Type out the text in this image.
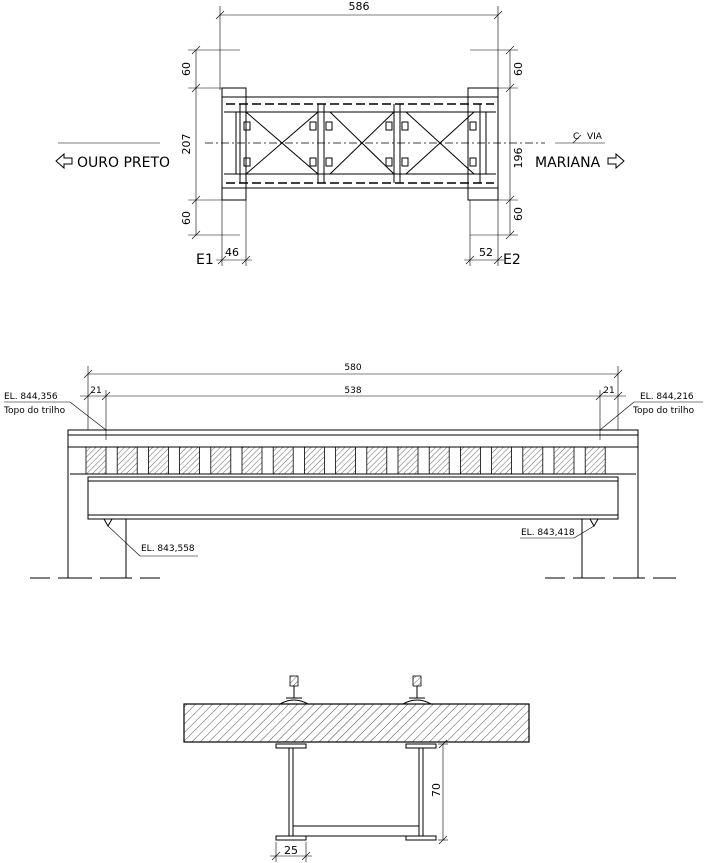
586
60
207
60
60
196
60
C VIA
OURO PRETO	MARIANA
46
E1	52 E2
580
21	538	21
EL. 844,356
Topo do trilho
EL. 844,216
Topo do trilho
EL. 843,558
EL. 843,418
70
25
